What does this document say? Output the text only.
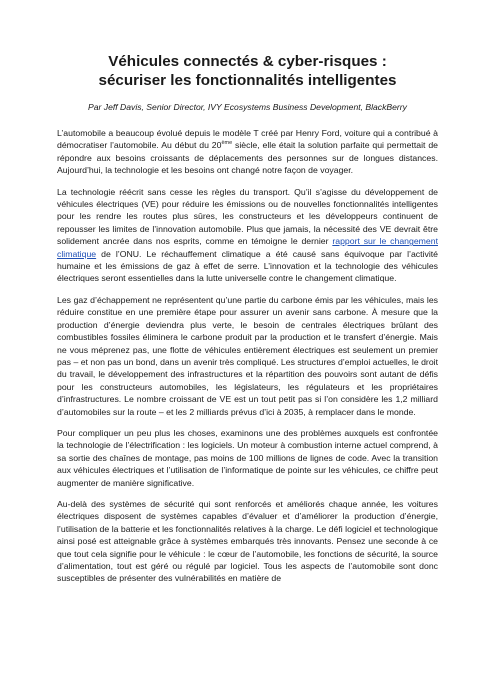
Véhicules connectés & cyber-risques :
sécuriser les fonctionnalités intelligentes
Par Jeff Davis, Senior Director, IVY Ecosystems Business Development, BlackBerry

L’automobile a beaucoup évolué depuis le modèle T créé par Henry Ford, voiture qui a contribué à démocratiser l’automobile. Au début du 20ème siècle, elle était la solution parfaite qui permettait de répondre aux besoins croissants de déplacements des personnes sur de longues distances. Aujourd’hui, la technologie et les besoins ont changé notre façon de voyager.

La technologie réécrit sans cesse les règles du transport. Qu’il s’agisse du développement de véhicules électriques (VE) pour réduire les émissions ou de nouvelles fonctionnalités intelligentes pour les rendre les routes plus sûres, les constructeurs et les développeurs continuent de repousser les limites de l’innovation automobile. Plus que jamais, la nécessité des VE devrait être solidement ancrée dans nos esprits, comme en témoigne le dernier rapport sur le changement climatique de l’ONU. Le réchauffement climatique a été causé sans équivoque par l’activité humaine et les émissions de gaz à effet de serre. L’innovation et la technologie des véhicules électriques seront essentielles dans la lutte universelle contre le changement climatique.

Les gaz d’échappement ne représentent qu’une partie du carbone émis par les véhicules, mais les réduire constitue en une première étape pour assurer un avenir sans carbone. À mesure que la production d’énergie deviendra plus verte, le besoin de centrales électriques brûlant des combustibles fossiles éliminera le carbone produit par la production et le transfert d’énergie. Mais ne vous méprenez pas, une flotte de véhicules entièrement électriques est seulement un premier pas – et non pas un bond, dans un avenir très compliqué. Les structures d’emploi actuelles, le droit du travail, le développement des infrastructures et la répartition des pouvoirs sont autant de défis pour les constructeurs automobiles, les législateurs, les régulateurs et les propriétaires d’infrastructures. Le nombre croissant de VE est un tout petit pas si l’on considère les 1,2 milliard d’automobiles sur la route – et les 2 milliards prévus d’ici à 2035, à remplacer dans le monde.

Pour compliquer un peu plus les choses, examinons une des problèmes auxquels est confrontée la technologie de l’électrification : les logiciels. Un moteur à combustion interne actuel comprend, à sa sortie des chaînes de montage, pas moins de 100 millions de lignes de code. Avec la transition aux véhicules électriques et l’utilisation de l’informatique de pointe sur les véhicules, ce chiffre peut augmenter de manière significative.

Au-delà des systèmes de sécurité qui sont renforcés et améliorés chaque année, les voitures électriques disposent de systèmes capables d’évaluer et d’améliorer la production d’énergie, l’utilisation de la batterie et les fonctionnalités relatives à la charge. Le défi logiciel et technologique ainsi posé est atteignable grâce à systèmes embarqués très innovants. Pensez une seconde à ce que tout cela signifie pour le véhicule : le cœur de l’automobile, les fonctions de sécurité, la source d’alimentation, tout est géré ou régulé par logiciel. Tous les aspects de l’automobile sont donc susceptibles de présenter des vulnérabilités en matière de
